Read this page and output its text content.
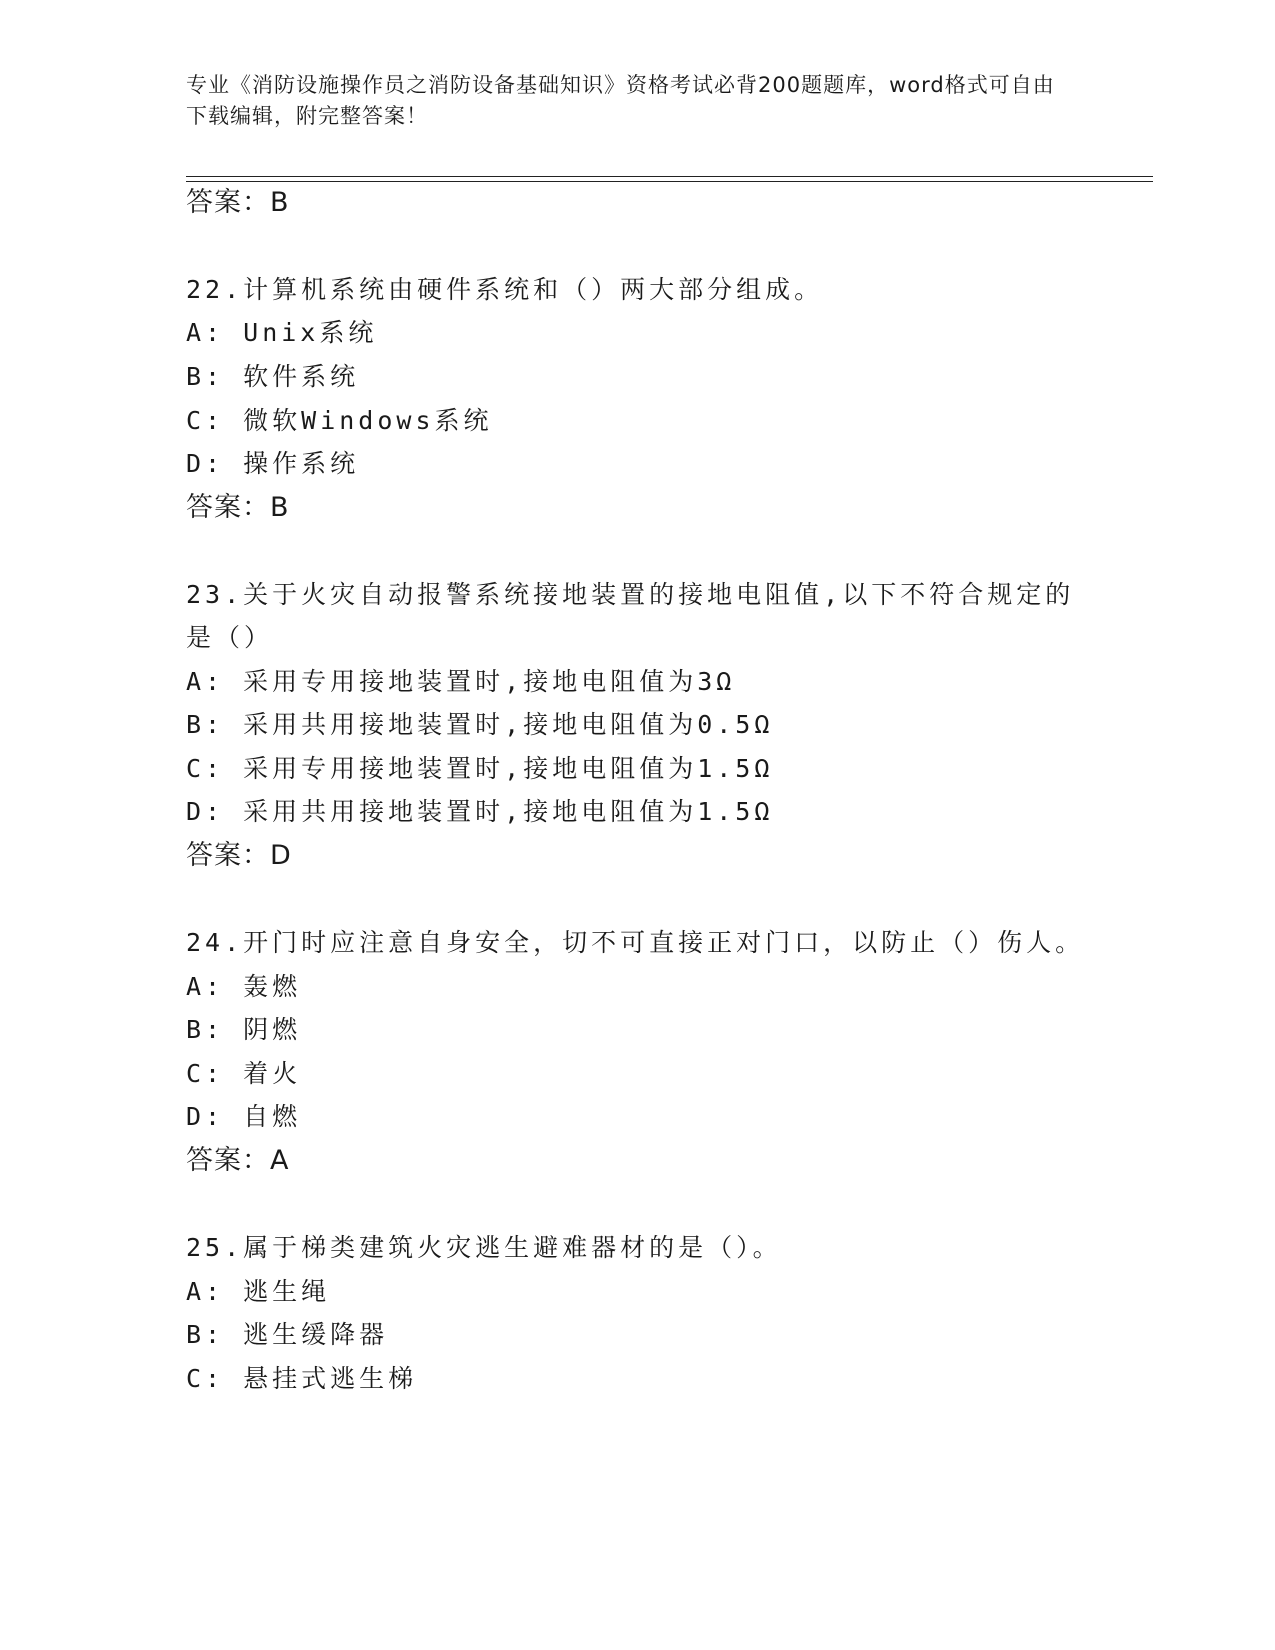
专业《消防设施操作员之消防设备基础知识》资格考试必背200题题库，word格式可自由下载编辑，附完整答案！
答案：B
22.计算机系统由硬件系统和（）两大部分组成。
A: Unix系统
B: 软件系统
C: 微软Windows系统
D: 操作系统
答案：B
23.关于火灾自动报警系统接地装置的接地电阻值,以下不符合规定的
是（）
A: 采用专用接地装置时,接地电阻值为3Ω
B: 采用共用接地装置时,接地电阻值为0.5Ω
C: 采用专用接地装置时,接地电阻值为1.5Ω
D: 采用共用接地装置时,接地电阻值为1.5Ω
答案：D
24.开门时应注意自身安全，切不可直接正对门口，以防止（）伤人。
A: 轰燃
B: 阴燃
C: 着火
D: 自燃
答案：A
25.属于梯类建筑火灾逃生避难器材的是（）。
A: 逃生绳
B: 逃生缓降器
C: 悬挂式逃生梯
